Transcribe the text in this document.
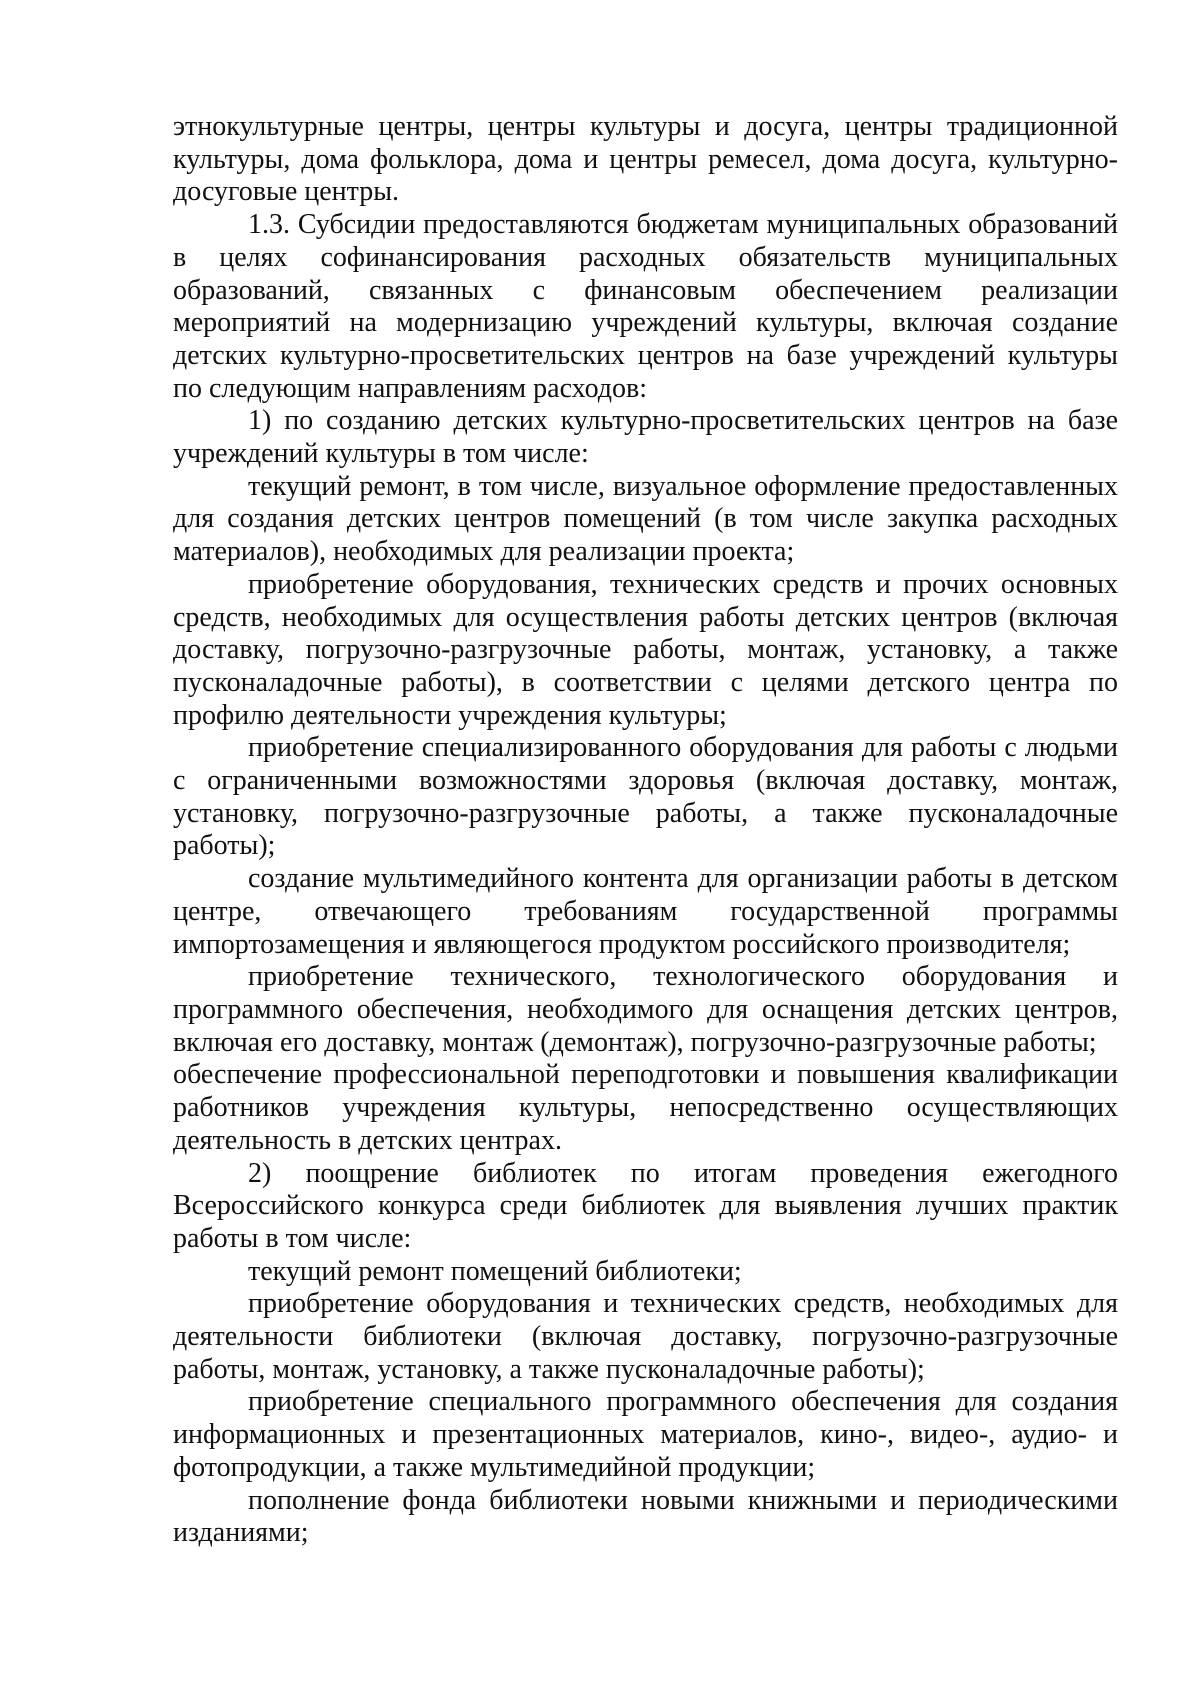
этнокультурные центры, центры культуры и досуга, центры традиционной культуры, дома фольклора, дома и центры ремесел, дома досуга, культурно-досуговые центры.

1.3. Субсидии предоставляются бюджетам муниципальных образований в целях софинансирования расходных обязательств муниципальных образований, связанных с финансовым обеспечением реализации мероприятий на модернизацию учреждений культуры, включая создание детских культурно-просветительских центров на базе учреждений культуры по следующим направлениям расходов:

1) по созданию детских культурно-просветительских центров на базе учреждений культуры в том числе:

текущий ремонт, в том числе, визуальное оформление предоставленных для создания детских центров помещений (в том числе закупка расходных материалов), необходимых для реализации проекта;

приобретение оборудования, технических средств и прочих основных средств, необходимых для осуществления работы детских центров (включая доставку, погрузочно-разгрузочные работы, монтаж, установку, а также пусконаладочные работы), в соответствии с целями детского центра по профилю деятельности учреждения культуры;

приобретение специализированного оборудования для работы с людьми с ограниченными возможностями здоровья (включая доставку, монтаж, установку, погрузочно-разгрузочные работы, а также пусконаладочные работы);

создание мультимедийного контента для организации работы в детском центре, отвечающего требованиям государственной программы импортозамещения и являющегося продуктом российского производителя;

приобретение технического, технологического оборудования и программного обеспечения, необходимого для оснащения детских центров, включая его доставку, монтаж (демонтаж), погрузочно-разгрузочные работы;

обеспечение профессиональной переподготовки и повышения квалификации работников учреждения культуры, непосредственно осуществляющих деятельность в детских центрах.

2) поощрение библиотек по итогам проведения ежегодного Всероссийского конкурса среди библиотек для выявления лучших практик работы в том числе:

текущий ремонт помещений библиотеки;

приобретение оборудования и технических средств, необходимых для деятельности библиотеки (включая доставку, погрузочно-разгрузочные работы, монтаж, установку, а также пусконаладочные работы);

приобретение специального программного обеспечения для создания информационных и презентационных материалов, кино-, видео-, аудио- и фотопродукции, а также мультимедийной продукции;

пополнение фонда библиотеки новыми книжными и периодическими изданиями;
